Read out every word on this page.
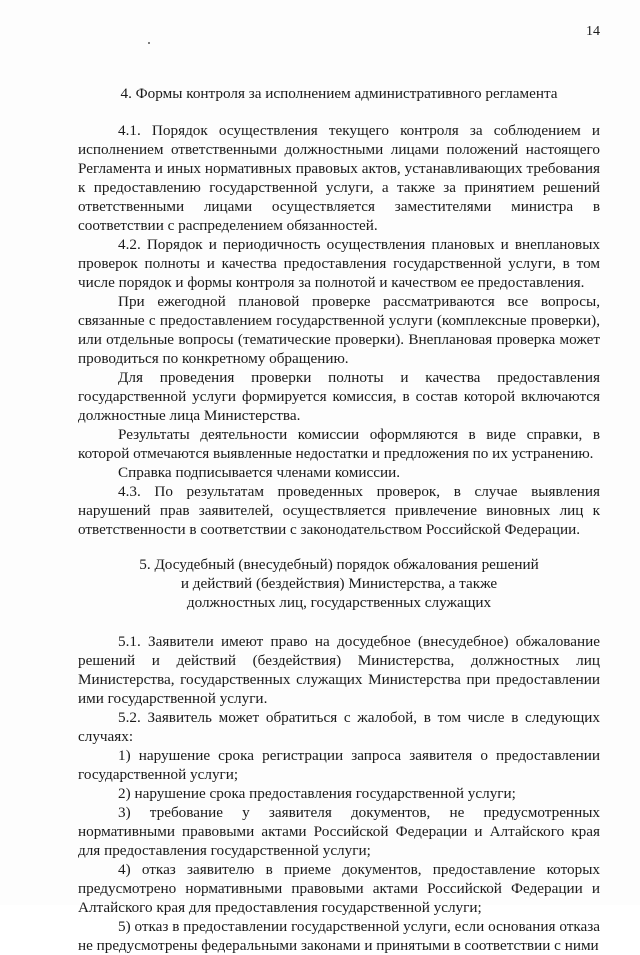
14
4. Формы контроля за исполнением административного регламента

4.1. Порядок осуществления текущего контроля за соблюдением и исполнением ответственными должностными лицами положений настоящего Регламента и иных нормативных правовых актов, устанавливающих требования к предоставлению государственной услуги, а также за принятием решений ответственными лицами осуществляется заместителями министра в соответствии с распределением обязанностей.

4.2. Порядок и периодичность осуществления плановых и внеплановых проверок полноты и качества предоставления государственной услуги, в том числе порядок и формы контроля за полнотой и качеством ее предоставления.

При ежегодной плановой проверке рассматриваются все вопросы, связанные с предоставлением государственной услуги (комплексные проверки), или отдельные вопросы (тематические проверки). Внеплановая проверка может проводиться по конкретному обращению.

Для проведения проверки полноты и качества предоставления государственной услуги формируется комиссия, в состав которой включаются должностные лица Министерства.

Результаты деятельности комиссии оформляются в виде справки, в которой отмечаются выявленные недостатки и предложения по их устранению.

Справка подписывается членами комиссии.

4.3. По результатам проведенных проверок, в случае выявления нарушений прав заявителей, осуществляется привлечение виновных лиц к ответственности в соответствии с законодательством Российской Федерации.

5. Досудебный (внесудебный) порядок обжалования решений
и действий (бездействия) Министерства, а также
должностных лиц, государственных служащих

5.1. Заявители имеют право на досудебное (внесудебное) обжалование решений и действий (бездействия) Министерства, должностных лиц Министерства, государственных служащих Министерства при предоставлении ими государственной услуги.

5.2. Заявитель может обратиться с жалобой, в том числе в следующих случаях:

1) нарушение срока регистрации запроса заявителя о предоставлении государственной услуги;

2) нарушение срока предоставления государственной услуги;

3) требование у заявителя документов, не предусмотренных нормативными правовыми актами Российской Федерации и Алтайского края для предоставления государственной услуги;

4) отказ заявителю в приеме документов, предоставление которых предусмотрено нормативными правовыми актами Российской Федерации и Алтайского края для предоставления государственной услуги;

5) отказ в предоставлении государственной услуги, если основания отказа не предусмотрены федеральными законами и принятыми в соответствии с ними
